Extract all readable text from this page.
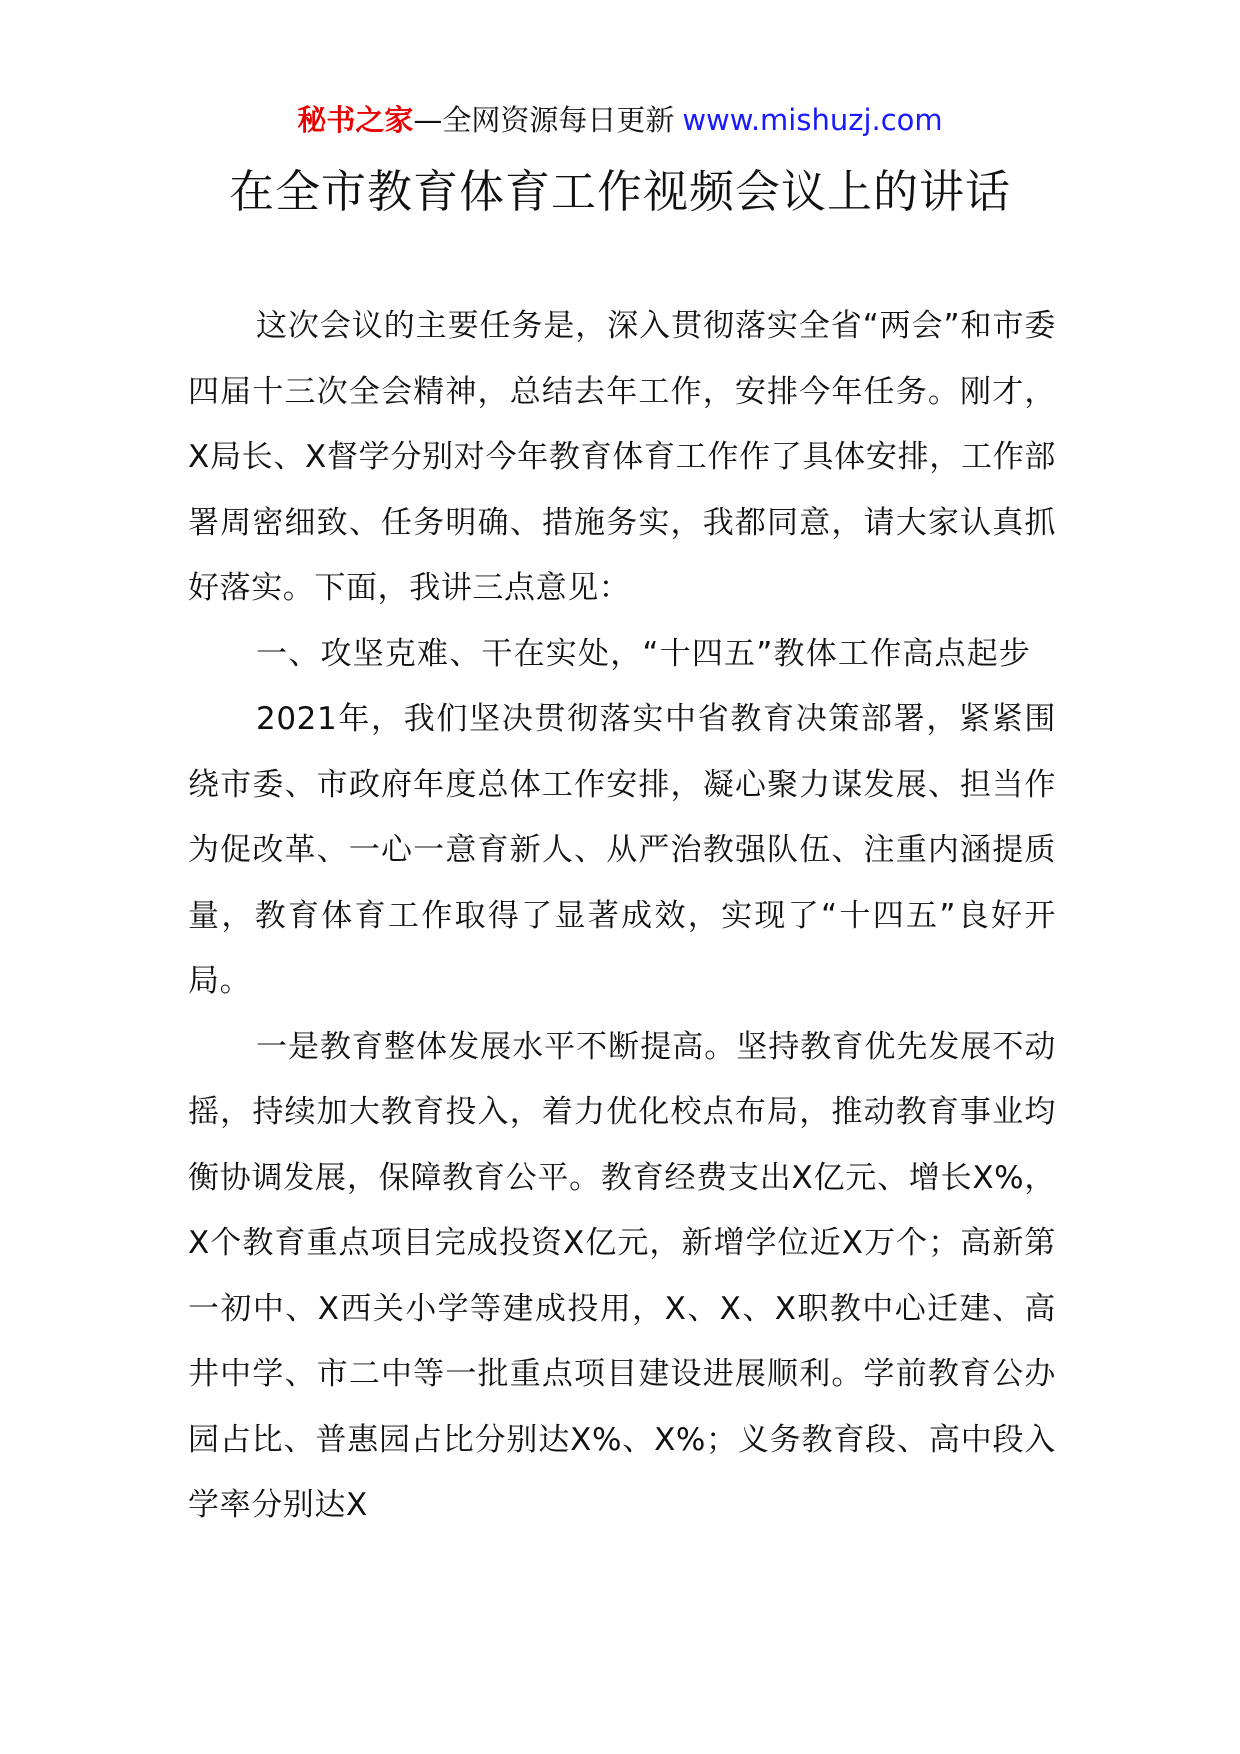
秘书之家—全网资源每日更新 www.mishuzj.com
在全市教育体育工作视频会议上的讲话

这次会议的主要任务是，深入贯彻落实全省“两会”和市委四届十三次全会精神，总结去年工作，安排今年任务。刚才，X局长、X督学分别对今年教育体育工作作了具体安排，工作部署周密细致、任务明确、措施务实，我都同意，请大家认真抓好落实。下面，我讲三点意见：

一、攻坚克难、干在实处，“十四五”教体工作高点起步

2021年，我们坚决贯彻落实中省教育决策部署，紧紧围绕市委、市政府年度总体工作安排，凝心聚力谋发展、担当作为促改革、一心一意育新人、从严治教强队伍、注重内涵提质量，教育体育工作取得了显著成效，实现了“十四五”良好开局。

一是教育整体发展水平不断提高。坚持教育优先发展不动摇，持续加大教育投入，着力优化校点布局，推动教育事业均衡协调发展，保障教育公平。教育经费支出X亿元、增长X%，X个教育重点项目完成投资X亿元，新增学位近X万个；高新第一初中、X西关小学等建成投用，X、X、X职教中心迁建、高井中学、市二中等一批重点项目建设进展顺利。学前教育公办园占比、普惠园占比分别达X%、X%；义务教育段、高中段入学率分别达X
